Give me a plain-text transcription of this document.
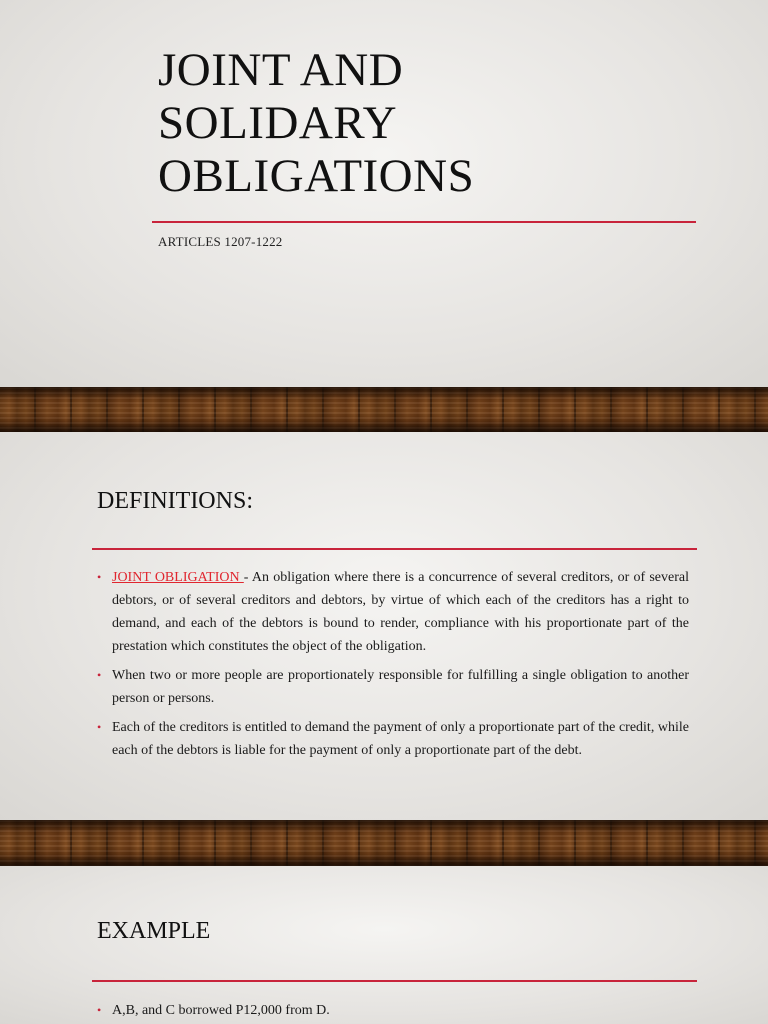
JOINT AND
SOLIDARY
OBLIGATIONS
ARTICLES 1207-1222
DEFINITIONS:
• JOINT OBLIGATION - An obligation where there is a concurrence of several creditors, or of several debtors, or of several creditors and debtors, by virtue of which each of the creditors has a right to demand, and each of the debtors is bound to render, compliance with his proportionate part of the prestation which constitutes the object of the obligation.
• When two or more people are proportionately responsible for fulfilling a single obligation to another person or persons.
• Each of the creditors is entitled to demand the payment of only a proportionate part of the credit, while each of the debtors is liable for the payment of only a proportionate part of the debt.
EXAMPLE
• A,B, and C borrowed P12,000 from D.
